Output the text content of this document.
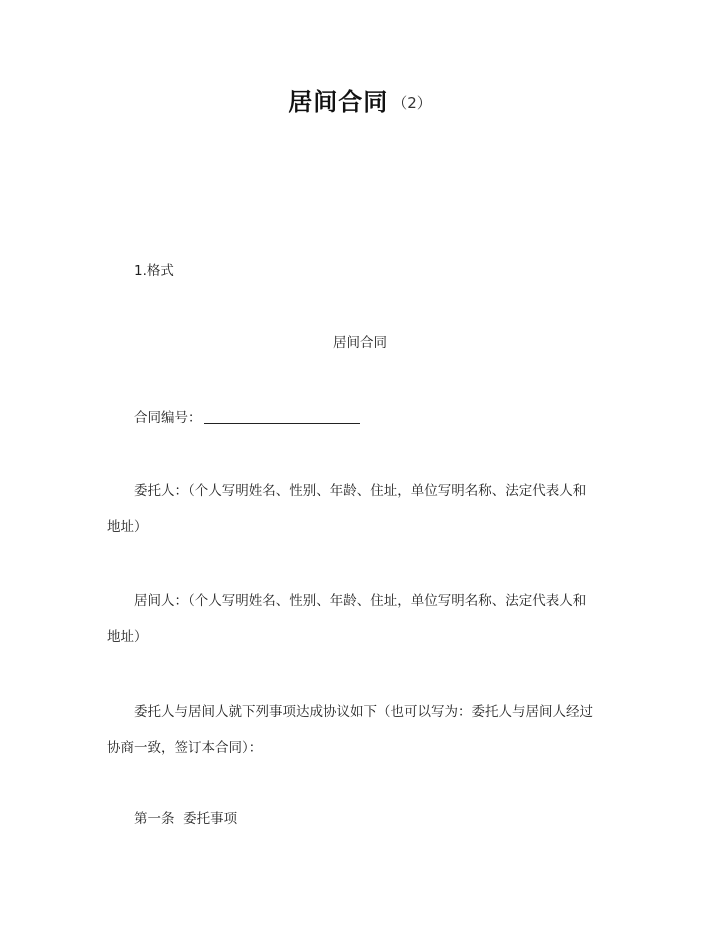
居间合同 （2）
1.格式
居间合同
合同编号：
委托人：（个人写明姓名、性别、年龄、住址，单位写明名称、法定代表人和
地址）
居间人：（个人写明姓名、性别、年龄、住址，单位写明名称、法定代表人和
地址）
委托人与居间人就下列事项达成协议如下（也可以写为：委托人与居间人经过
协商一致，签订本合同）：
第一条  委托事项
